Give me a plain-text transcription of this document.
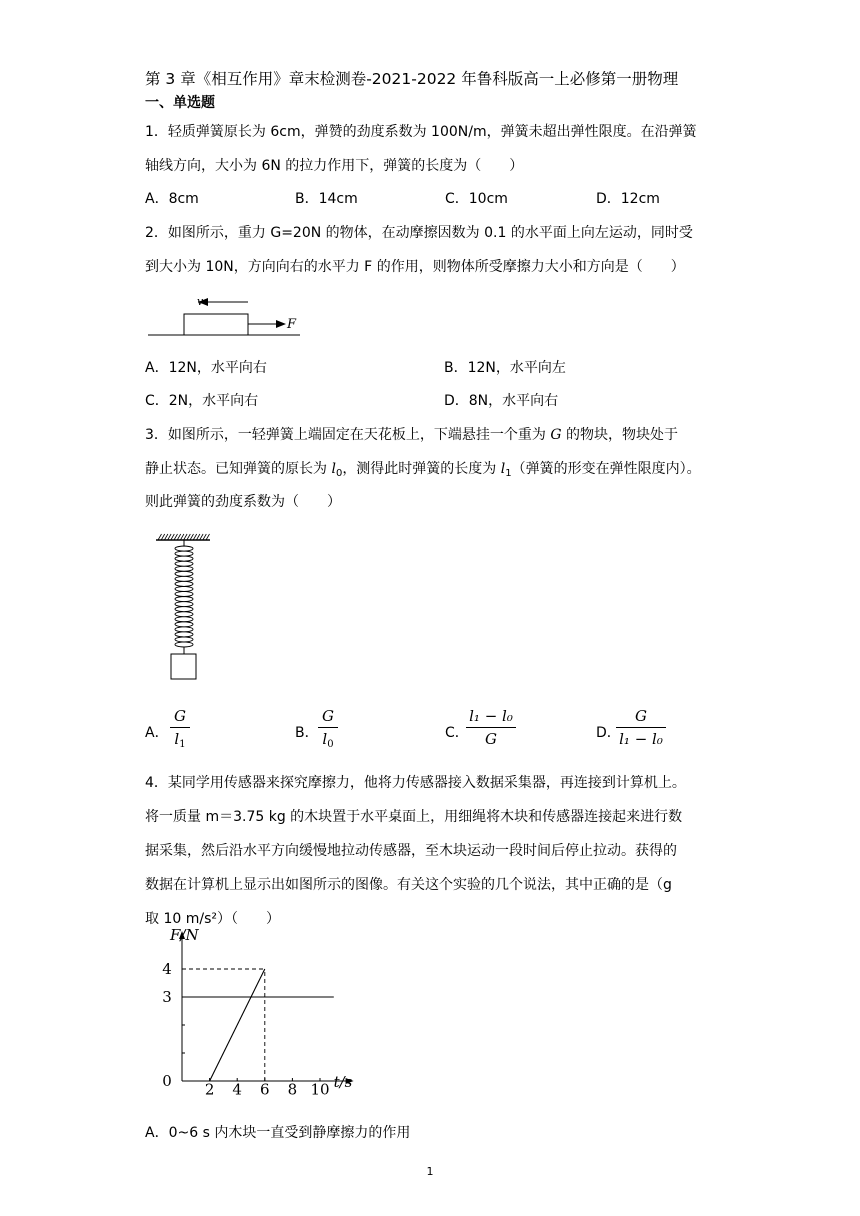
第 3 章《相互作用》章末检测卷-2021-2022 年鲁科版高一上必修第一册物理
一、单选题
1．轻质弹簧原长为 6cm，弹赞的劲度系数为 100N/m，弹簧未超出弹性限度。在沿弹簧
轴线方向，大小为 6N 的拉力作用下，弹簧的长度为（　　）
A．8cm	B．14cm	C．10cm	D．12cm
2．如图所示，重力 G=20N 的物体，在动摩擦因数为 0.1 的水平面上向左运动，同时受
到大小为 10N，方向向右的水平力 F 的作用，则物体所受摩擦力大小和方向是（　　）
v
F
A．12N，水平向右	B．12N，水平向左
C．2N，水平向右	D．8N，水平向右
3．如图所示，一轻弹簧上端固定在天花板上，下端悬挂一个重为 G 的物块，物块处于
静止状态。已知弹簧的原长为 $l_0$，测得此时弹簧的长度为 $l_1$（弹簧的形变在弹性限度内）。
则此弹簧的劲度系数为（　　）
A．
G
$l_1$
B．
G
$l_0$
C．
l₁ − l₀
G	D．
G
l₁ − l₀
4．某同学用传感器来探究摩擦力，他将力传感器接入数据采集器，再连接到计算机上。
将一质量 m＝3.75 kg 的木块置于水平桌面上，用细绳将木块和传感器连接起来进行数
据采集，然后沿水平方向缓慢地拉动传感器，至木块运动一段时间后停止拉动。获得的
数据在计算机上显示出如图所示的图像。有关这个实验的几个说法，其中正确的是（g
取 10 m/s²）（　　）
F/N
t/s
2 4 6 8 10
0
3
4
A．0~6 s 内木块一直受到静摩擦力的作用
1
